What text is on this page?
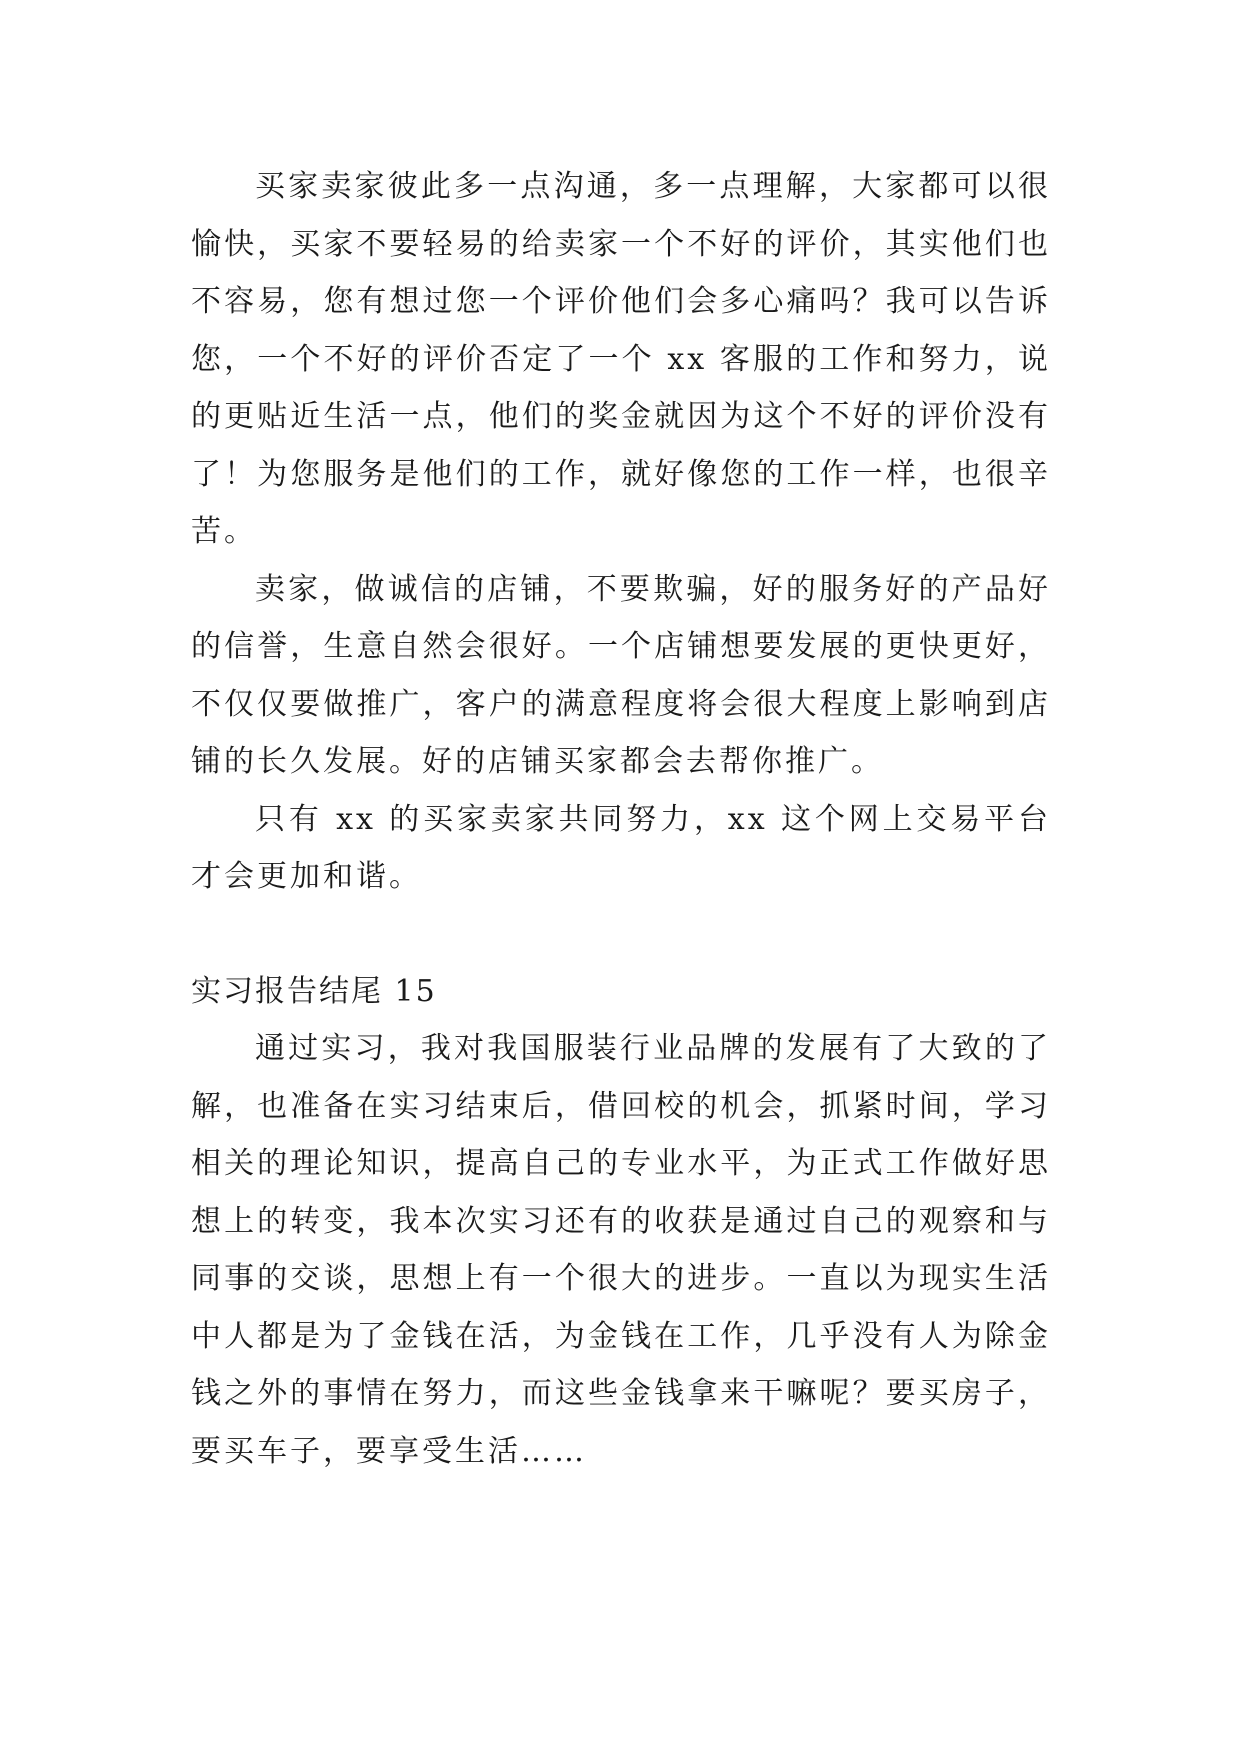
买家卖家彼此多一点沟通，多一点理解，大家都可以很愉快，买家不要轻易的给卖家一个不好的评价，其实他们也不容易，您有想过您一个评价他们会多心痛吗？我可以告诉您，一个不好的评价否定了一个 xx 客服的工作和努力，说的更贴近生活一点，他们的奖金就因为这个不好的评价没有了！为您服务是他们的工作，就好像您的工作一样，也很辛苦。

卖家，做诚信的店铺，不要欺骗，好的服务好的产品好的信誉，生意自然会很好。一个店铺想要发展的更快更好，不仅仅要做推广，客户的满意程度将会很大程度上影响到店铺的长久发展。好的店铺买家都会去帮你推广。

只有 xx 的买家卖家共同努力，xx 这个网上交易平台才会更加和谐。

实习报告结尾 15

通过实习，我对我国服装行业品牌的发展有了大致的了解，也准备在实习结束后，借回校的机会，抓紧时间，学习相关的理论知识，提高自己的专业水平，为正式工作做好思想上的转变，我本次实习还有的收获是通过自己的观察和与同事的交谈，思想上有一个很大的进步。一直以为现实生活中人都是为了金钱在活，为金钱在工作，几乎没有人为除金钱之外的事情在努力，而这些金钱拿来干嘛呢？要买房子，要买车子，要享受生活……
